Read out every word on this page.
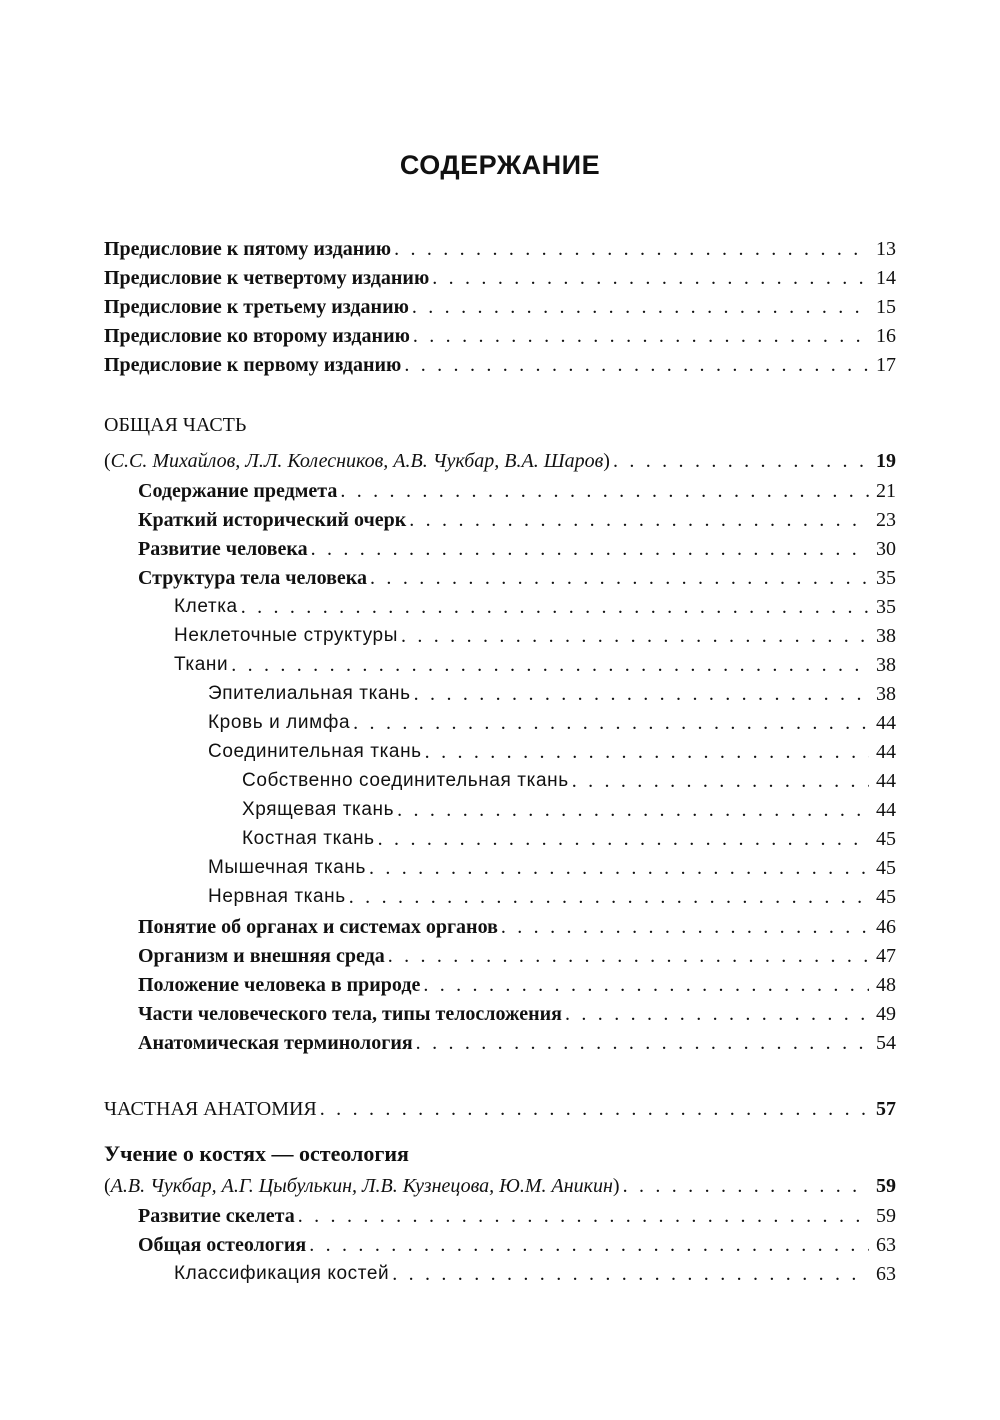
СОДЕРЖАНИЕ
Предисловие к пятому изданию . . .	13
Предисловие к четвертому изданию . . .	14
Предисловие к третьему изданию . . .	15
Предисловие ко второму изданию . . .	16
Предисловие к первому изданию . . .	17
ОБЩАЯ ЧАСТЬ
(С.С. Михайлов, Л.Л. Колесников, А.В. Чукбар, В.А. Шаров) . . .	19
Содержание предмета . . .	21
Краткий исторический очерк . . .	23
Развитие человека . . .	30
Структура тела человека . . .	35
Клетка . . .	35
Неклеточные структуры . . .	38
Ткани . . .	38
Эпителиальная ткань . . .	38
Кровь и лимфа . . .	44
Соединительная ткань . . .	44
Собственно соединительная ткань . . .	44
Хрящевая ткань . . .	44
Костная ткань . . .	45
Мышечная ткань . . .	45
Нервная ткань . . .	45
Понятие об органах и системах органов . . .	46
Организм и внешняя среда . . .	47
Положение человека в природе . . .	48
Части человеческого тела, типы телосложения . . .	49
Анатомическая терминология . . .	54
ЧАСТНАЯ АНАТОМИЯ . . .	57
Учение о костях — остеология
(А.В. Чукбар, А.Г. Цыбулькин, Л.В. Кузнецова, Ю.М. Аникин) . . .	59
Развитие скелета . . .	59
Общая остеология . . .	63
Классификация костей . . .	63
